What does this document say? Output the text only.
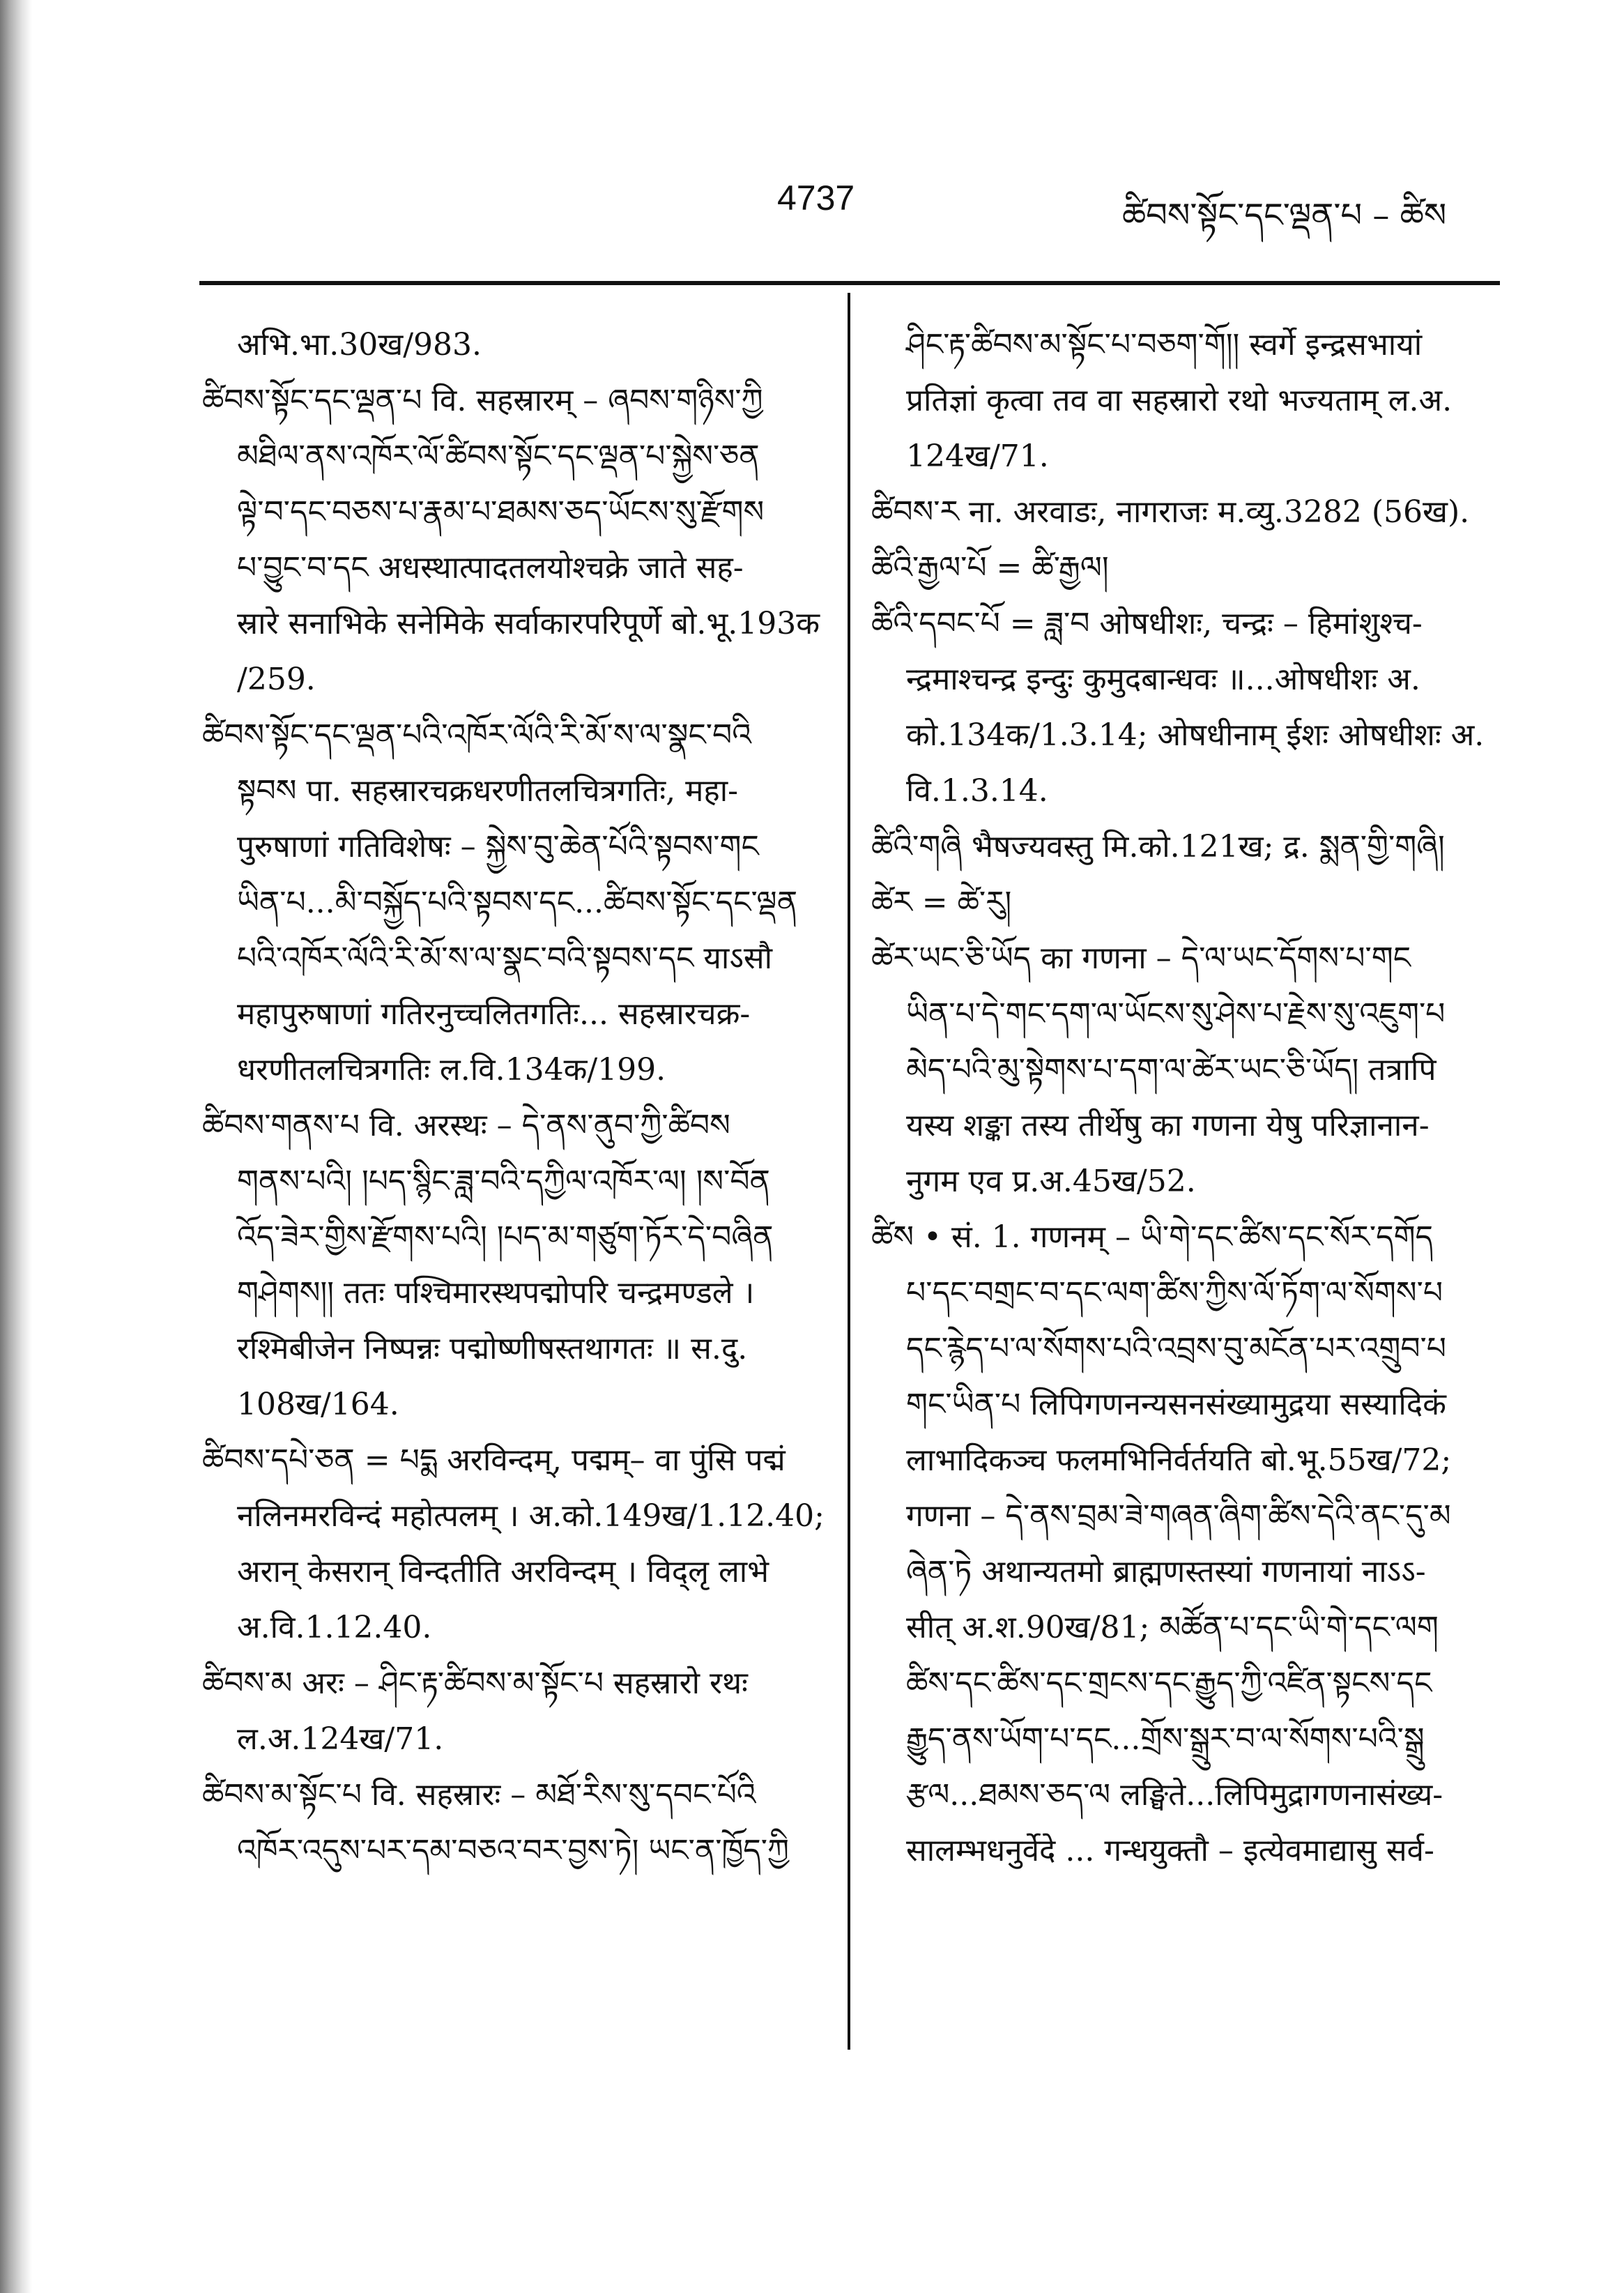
4737	ཚིབས་སྟོང་དང་ལྡན་པ – ཚིས
अभि.भा.30ख/983.
ཚིབས་སྟོང་དང་ལྡན་པ वि. सहस्रारम् – ཞབས་གཉིས་ཀྱི
མཐིལ་ནས་འཁོར་ལོ་ཚིབས་སྟོང་དང་ལྡན་པ་སྐྱེས་ཅན
ལྟེ་བ་དང་བཅས་པ་རྣམ་པ་ཐམས་ཅད་ཡོངས་སུ་རྫོགས
པ་བྱུང་བ་དང अधस्थात्पादतलयोश्चक्रे जाते सह-
स्रारे सनाभिके सनेमिके सर्वाकारपरिपूर्णे बो.भू.193क
/259.
ཚིབས་སྟོང་དང་ལྡན་པའི་འཁོར་ལོའི་རི་མོ་ས་ལ་སྣང་བའི
སྟབས पा. सहस्रारचक्रधरणीतलचित्रगतिः, महा-
पुरुषाणां गतिविशेषः – སྐྱེས་བུ་ཆེན་པོའི་སྟབས་གང
ཡིན་པ...མི་བསྐྱོད་པའི་སྟབས་དང...ཚིབས་སྟོང་དང་ལྡན
པའི་འཁོར་ལོའི་རི་མོ་ས་ལ་སྣང་བའི་སྟབས་དང याऽसौ
महापुरुषाणां गतिरनुच्चलितगतिः... सहस्रारचक्र-
धरणीतलचित्रगतिः ल.वि.134क/199.
ཚིབས་གནས་པ वि. अरस्थः – དེ་ནས་ནུབ་ཀྱི་ཚིབས
གནས་པའི། །པད་སྙིང་ཟླ་བའི་དཀྱིལ་འཁོར་ལ། །ས་བོན
འོད་ཟེར་གྱིས་རྫོགས་པའི། །པད་མ་གཙུག་ཏོར་དེ་བཞིན
གཤེགས།། ततः पश्चिमारस्थपद्मोपरि चन्द्रमण्डले ।
रश्मिबीजेन निष्पन्नः पद्मोष्णीषस्तथागतः ॥ स.दु.
108ख/164.
ཚིབས་དཔེ་ཅན = པདྨ अरविन्दम्, पद्मम्– वा पुंसि पद्मं
नलिनमरविन्दं महोत्पलम् । अ.को.149ख/1.12.40;
अरान् केसरान् विन्दतीति अरविन्दम् । विद्लृ लाभे
अ.वि.1.12.40.
ཚིབས་མ अरः – ཤིང་རྟ་ཚིབས་མ་སྟོང་པ सहस्रारो रथः
ल.अ.124ख/71.
ཚིབས་མ་སྟོང་པ वि. सहस्रारः – མཐོ་རིས་སུ་དབང་པོའི
འཁོར་འདུས་པར་དམ་བཅའ་བར་བྱས་ཏེ། ཡང་ན་ཁྱོད་ཀྱི
ཤིང་རྟ་ཚིབས་མ་སྟོང་པ་བཅག་གོ།། स्वर्गे इन्द्रसभायां
प्रतिज्ञां कृत्वा तव वा सहस्रारो रथो भज्यताम् ल.अ.
124ख/71.
ཚིབས་ར ना. अरवाडः, नागराजः म.व्यु.3282 (56ख).
ཚིའི་རྒྱལ་པོ = ཚི་རྒྱལ།
ཚིའི་དབང་པོ = ཟླ་བ ओषधीशः, चन्द्रः – हिमांशुश्च-
न्द्रमाश्चन्द्र इन्दुः कुमुदबान्धवः ॥...ओषधीशः अ.
को.134क/1.3.14; ओषधीनाम् ईशः ओषधीशः अ.
वि.1.3.14.
ཚིའི་གཞི भैषज्यवस्तु मि.को.121ख; द्र. སྨན་གྱི་གཞི།
ཚེར = ཚེ་རུ།
ཚེར་ཡང་ཅི་ཡོད का गणना – དེ་ལ་ཡང་དོགས་པ་གང
ཡིན་པ་དེ་གང་དག་ལ་ཡོངས་སུ་ཤེས་པ་རྗེས་སུ་འཇུག་པ
མེད་པའི་མུ་སྟེགས་པ་དག་ལ་ཚེར་ཡང་ཅི་ཡོད། तत्रापि
यस्य शङ्का तस्य तीर्थेषु का गणना येषु परिज्ञानान-
नुगम एव प्र.अ.45ख/52.
ཚིས • सं. 1. गणनम् – ཡི་གེ་དང་ཚིས་དང་སོར་དགོད
པ་དང་བགྲང་བ་དང་ལག་ཚིས་ཀྱིས་ལོ་ཏོག་ལ་སོགས་པ
དང་རྙེད་པ་ལ་སོགས་པའི་འབྲས་བུ་མངོན་པར་འགྲུབ་པ
གང་ཡིན་པ लिपिगणनन्यसनसंख्यामुद्रया सस्यादिकं
लाभादिकञ्च फलमभिनिर्वर्तयति बो.भू.55ख/72;
गणना – དེ་ནས་བྲམ་ཟེ་གཞན་ཞིག་ཚིས་དེའི་ནང་དུ་མ
ཞེན་ཏེ अथान्यतमो ब्राह्मणस्तस्यां गणनायां नाऽऽ-
सीत् अ.श.90ख/81; མཚོན་པ་དང་ཡི་གེ་དང་ལག
ཚིས་དང་ཚིས་དང་གྲངས་དང་རྒྱུད་ཀྱི་འཛིན་སྟངས་དང
རྒྱུད་ནས་ཡོག་པ་དང...གྲོས་སྒྲུར་བ་ལ་སོགས་པའི་སྒྲུ
རྩལ...ཐམས་ཅད་ལ लङ्घिते...लिपिमुद्रागणनासंख्य-
सालम्भधनुर्वेदे ... गन्धयुक्तौ – इत्येवमाद्यासु सर्व-
